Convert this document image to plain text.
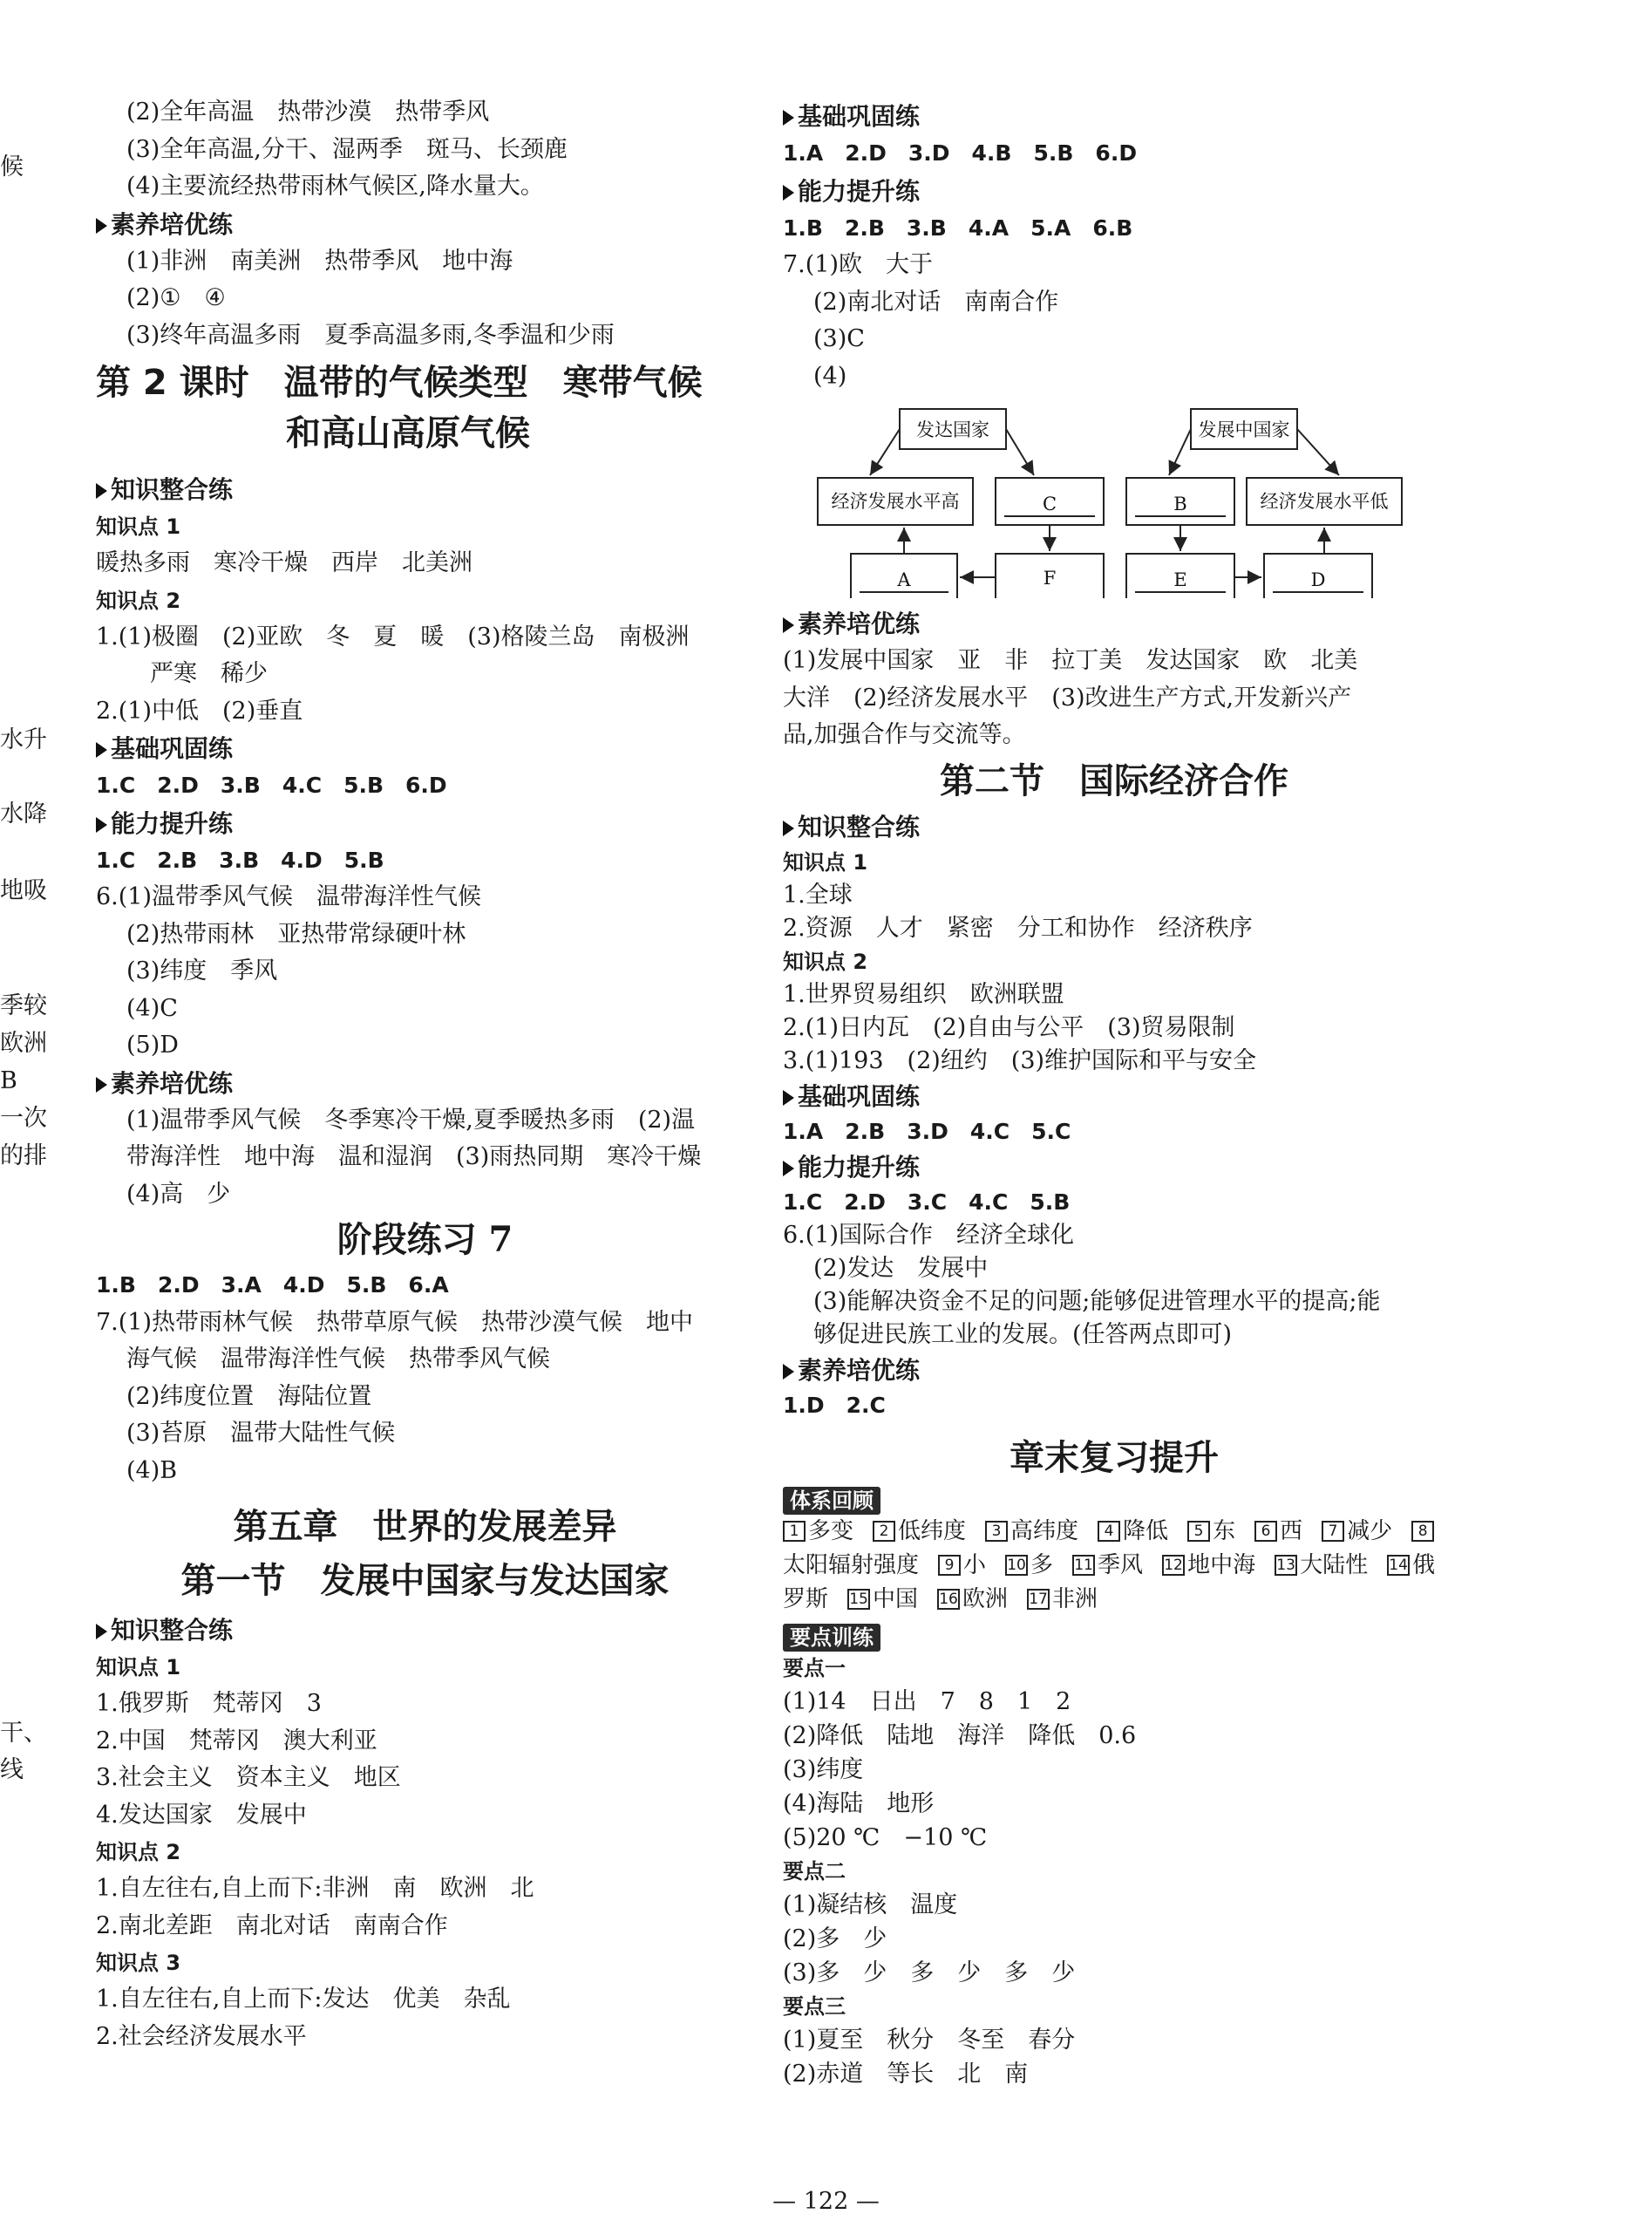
候
水升
水降
地吸
季较
欧洲
B
一次
的排
干、
线
(2)全年高温　热带沙漠　热带季风
(3)全年高温,分干、湿两季　斑马、长颈鹿
(4)主要流经热带雨林气候区,降水量大。
素养培优练
(1)非洲　南美洲　热带季风　地中海
(2)①　④
(3)终年高温多雨　夏季高温多雨,冬季温和少雨
第 2 课时　温带的气候类型　寒带气候
和高山高原气候
知识整合练
知识点 1
暖热多雨　寒冷干燥　西岸　北美洲
知识点 2
1.(1)极圈　(2)亚欧　冬　夏　暖　(3)格陵兰岛　南极洲
严寒　稀少
2.(1)中低　(2)垂直
基础巩固练
1.C　2.D　3.B　4.C　5.B　6.D
能力提升练
1.C　2.B　3.B　4.D　5.B
6.(1)温带季风气候　温带海洋性气候
(2)热带雨林　亚热带常绿硬叶林
(3)纬度　季风
(4)C
(5)D
素养培优练
(1)温带季风气候　冬季寒冷干燥,夏季暖热多雨　(2)温
带海洋性　地中海　温和湿润　(3)雨热同期　寒冷干燥
(4)高　少
阶段练习 7
1.B　2.D　3.A　4.D　5.B　6.A
7.(1)热带雨林气候　热带草原气候　热带沙漠气候　地中
海气候　温带海洋性气候　热带季风气候
(2)纬度位置　海陆位置
(3)苔原　温带大陆性气候
(4)B
第五章　世界的发展差异
第一节　发展中国家与发达国家
知识整合练
知识点 1
1.俄罗斯　梵蒂冈　3
2.中国　梵蒂冈　澳大利亚
3.社会主义　资本主义　地区
4.发达国家　发展中
知识点 2
1.自左往右,自上而下:非洲　南　欧洲　北
2.南北差距　南北对话　南南合作
知识点 3
1.自左往右,自上而下:发达　优美　杂乱
2.社会经济发展水平
基础巩固练
1.A　2.D　3.D　4.B　5.B　6.D
能力提升练
1.B　2.B　3.B　4.A　5.A　6.B
7.(1)欧　大于
(2)南北对话　南南合作
(3)C
(4)
发达国家
经济发展水平高	C
A	F
发展中国家
B	经济发展水平低
E	D
素养培优练
(1)发展中国家　亚　非　拉丁美　发达国家　欧　北美
大洋　(2)经济发展水平　(3)改进生产方式,开发新兴产
品,加强合作与交流等。
第二节　国际经济合作
知识整合练
知识点 1
1.全球
2.资源　人才　紧密　分工和协作　经济秩序
知识点 2
1.世界贸易组织　欧洲联盟
2.(1)日内瓦　(2)自由与公平　(3)贸易限制
3.(1)193　(2)纽约　(3)维护国际和平与安全
基础巩固练
1.A　2.B　3.D　4.C　5.C
能力提升练
1.C　2.D　3.C　4.C　5.B
6.(1)国际合作　经济全球化
(2)发达　发展中
(3)能解决资金不足的问题;能够促进管理水平的提高;能
够促进民族工业的发展。(任答两点即可)
素养培优练
1.D　2.C
章末复习提升
体系回顾
1 多变 2 低纬度 3 高纬度 4 降低 5 东 6 西 7 减少 8太阳辐射强度 9 小 10 多 11 季风 12 地中海 13 大陆性 14 俄罗斯 15 中国 16 欧洲 17 非洲
要点训练
要点一
(1)14　日出　7　8　1　2
(2)降低　陆地　海洋　降低　0.6
(3)纬度
(4)海陆　地形
(5)20 ℃　−10 ℃
要点二
(1)凝结核　温度
(2)多　少
(3)多　少　多　少　多　少
要点三
(1)夏至　秋分　冬至　春分
(2)赤道　等长　北　南
— 122 —
